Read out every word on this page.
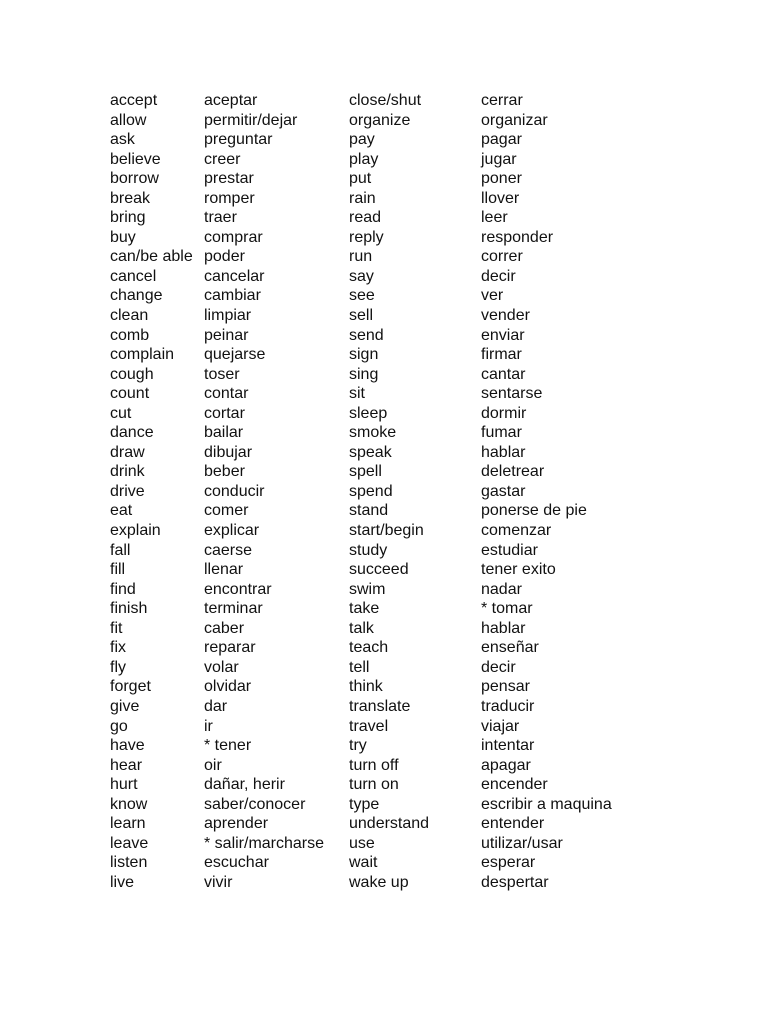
accept
allow
ask
believe
borrow
break
bring
buy
can/be able
cancel
change
clean
comb
complain
cough
count
cut
dance
draw
drink
drive
eat
explain
fall
fill
find
finish
fit
fix
fly
forget
give
go
have
hear
hurt
know
learn
leave
listen
live
aceptar
permitir/dejar
preguntar
creer
prestar
romper
traer
comprar
poder
cancelar
cambiar
limpiar
peinar
quejarse
toser
contar
cortar
bailar
dibujar
beber
conducir
comer
explicar
caerse
llenar
encontrar
terminar
caber
reparar
volar
olvidar
dar
ir
* tener
oir
dañar, herir
saber/conocer
aprender
* salir/marcharse
escuchar
vivir
close/shut
organize
pay
play
put
rain
read
reply
run
say
see
sell
send
sign
sing
sit
sleep
smoke
speak
spell
spend
stand
start/begin
study
succeed
swim
take
talk
teach
tell
think
translate
travel
try
turn off
turn on
type
understand
use
wait
wake up
cerrar
organizar
pagar
jugar
poner
llover
leer
responder
correr
decir
ver
vender
enviar
firmar
cantar
sentarse
dormir
fumar
hablar
deletrear
gastar
ponerse de pie
comenzar
estudiar
tener exito
nadar
* tomar
hablar
enseñar
decir
pensar
traducir
viajar
intentar
apagar
encender
escribir a maquina
entender
utilizar/usar
esperar
despertar
